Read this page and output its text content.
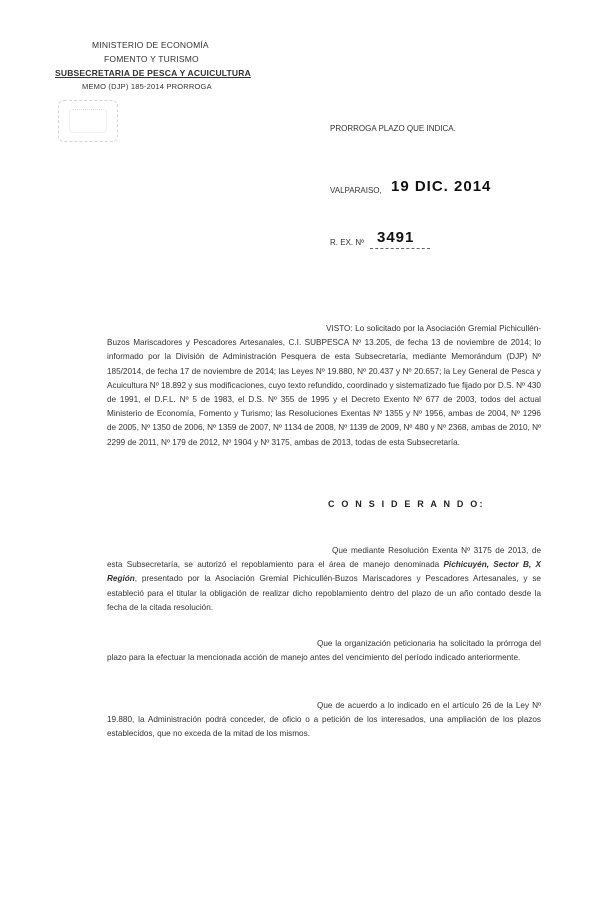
MINISTERIO DE ECONOMÍA
FOMENTO Y TURISMO
SUBSECRETARIA DE PESCA Y ACUICULTURA
MEMO (DJP) 185-2014 PRORROGA
PRORROGA PLAZO QUE INDICA.
VALPARAISO, 19 DIC. 2014
R. EX. Nº 3491

VISTO: Lo solicitado por la Asociación Gremial Pichicullén-Buzos Mariscadores y Pescadores Artesanales, C.I. SUBPESCA Nº 13.205, de fecha 13 de noviembre de 2014; lo informado por la División de Administración Pesquera de esta Subsecretaría, mediante Memorándum (DJP) Nº 185/2014, de fecha 17 de noviembre de 2014; las Leyes Nº 19.880, Nº 20.437 y Nº 20.657; la Ley General de Pesca y Acuicultura Nº 18.892 y sus modificaciones, cuyo texto refundido, coordinado y sistematizado fue fijado por D.S. Nº 430 de 1991, el D.F.L. Nº 5 de 1983, el D.S. Nº 355 de 1995 y el Decreto Exento Nº 677 de 2003, todos del actual Ministerio de Economía, Fomento y Turismo; las Resoluciones Exentas Nº 1355 y Nº 1956, ambas de 2004, Nº 1296 de 2005, Nº 1350 de 2006, Nº 1359 de 2007, Nº 1134 de 2008, Nº 1139 de 2009, Nº 480 y Nº 2368, ambas de 2010, Nº 2299 de 2011, Nº 179 de 2012, Nº 1904 y Nº 3175, ambas de 2013, todas de esta Subsecretaría.

C O N S I D E R A N D O:

Que mediante Resolución Exenta Nº 3175 de 2013, de esta Subsecretaría, se autorizó el repoblamiento para el área de manejo denominada Pichicuyén, Sector B, X Región, presentado por la Asociación Gremial Pichicullén-Buzos Mariscadores y Pescadores Artesanales, y se estableció para el titular la obligación de realizar dicho repoblamiento dentro del plazo de un año contado desde la fecha de la citada resolución.

Que la organización peticionaria ha solicitado la prórroga del plazo para la efectuar la mencionada acción de manejo antes del vencimiento del período indicado anteriormente.

Que de acuerdo a lo indicado en el artículo 26 de la Ley Nº 19.880, la Administración podrá conceder, de oficio o a petición de los interesados, una ampliación de los plazos establecidos, que no exceda de la mitad de los mismos.
